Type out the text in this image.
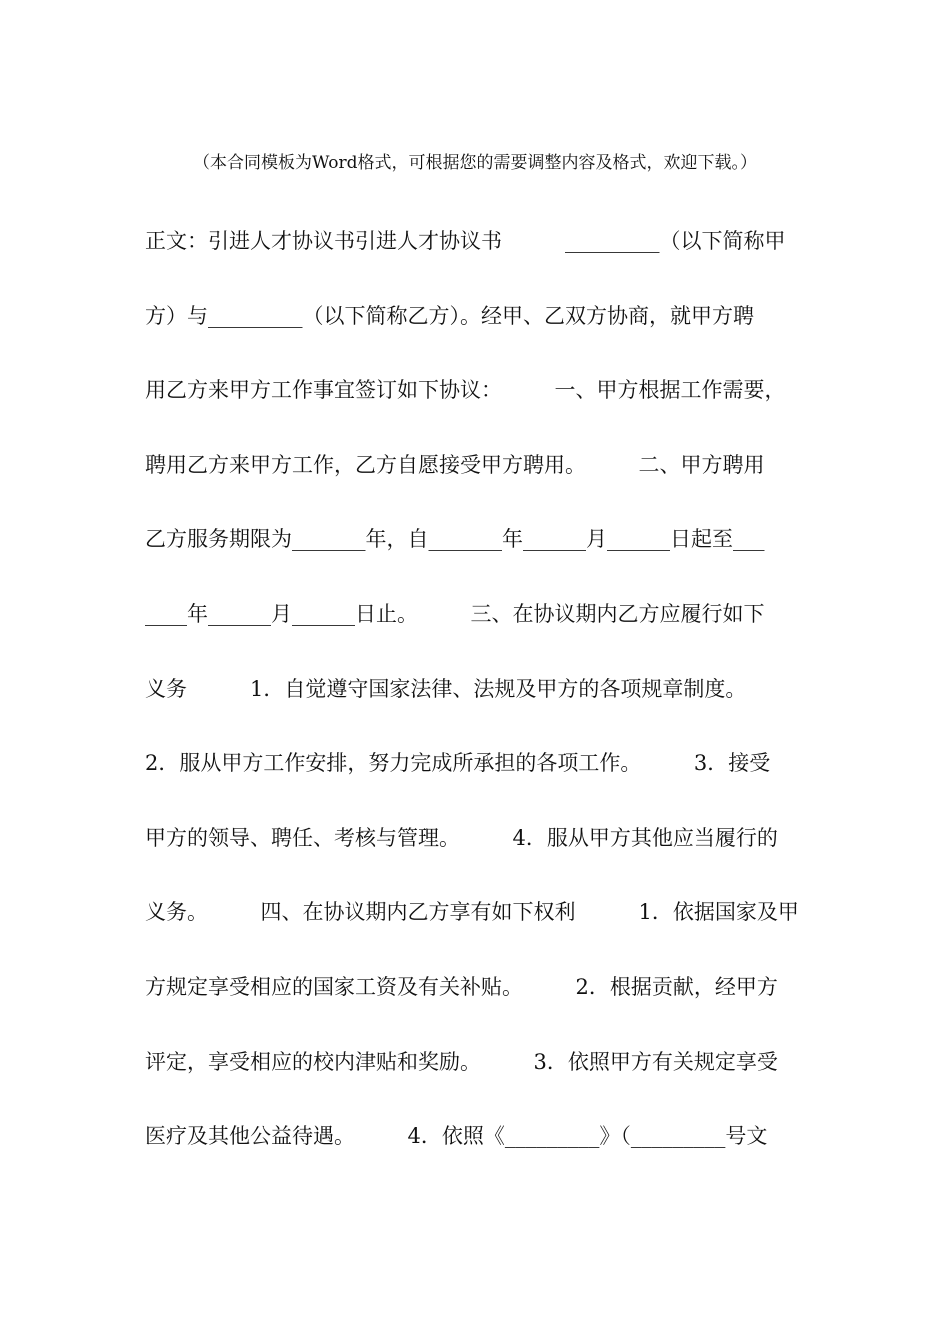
（本合同模板为Word格式，可根据您的需要调整内容及格式，欢迎下载。）
正文：引进人才协议书引进人才协议书　　　_________（以下简称甲
方）与_________（以下简称乙方）。经甲、乙双方协商，就甲方聘
用乙方来甲方工作事宜签订如下协议：　　　一、甲方根据工作需要，
聘用乙方来甲方工作，乙方自愿接受甲方聘用。　　　二、甲方聘用
乙方服务期限为_______年，自_______年______月______日起至___
____年______月______日止。　　　三、在协议期内乙方应履行如下
义务　　　1．自觉遵守国家法律、法规及甲方的各项规章制度。
2．服从甲方工作安排，努力完成所承担的各项工作。　　　3．接受
甲方的领导、聘任、考核与管理。　　　4．服从甲方其他应当履行的
义务。　　　四、在协议期内乙方享有如下权利　　　1．依据国家及甲
方规定享受相应的国家工资及有关补贴。　　　2．根据贡献，经甲方
评定，享受相应的校内津贴和奖励。　　　3．依照甲方有关规定享受
医疗及其他公益待遇。　　　4．依照《_________》（_________号文
